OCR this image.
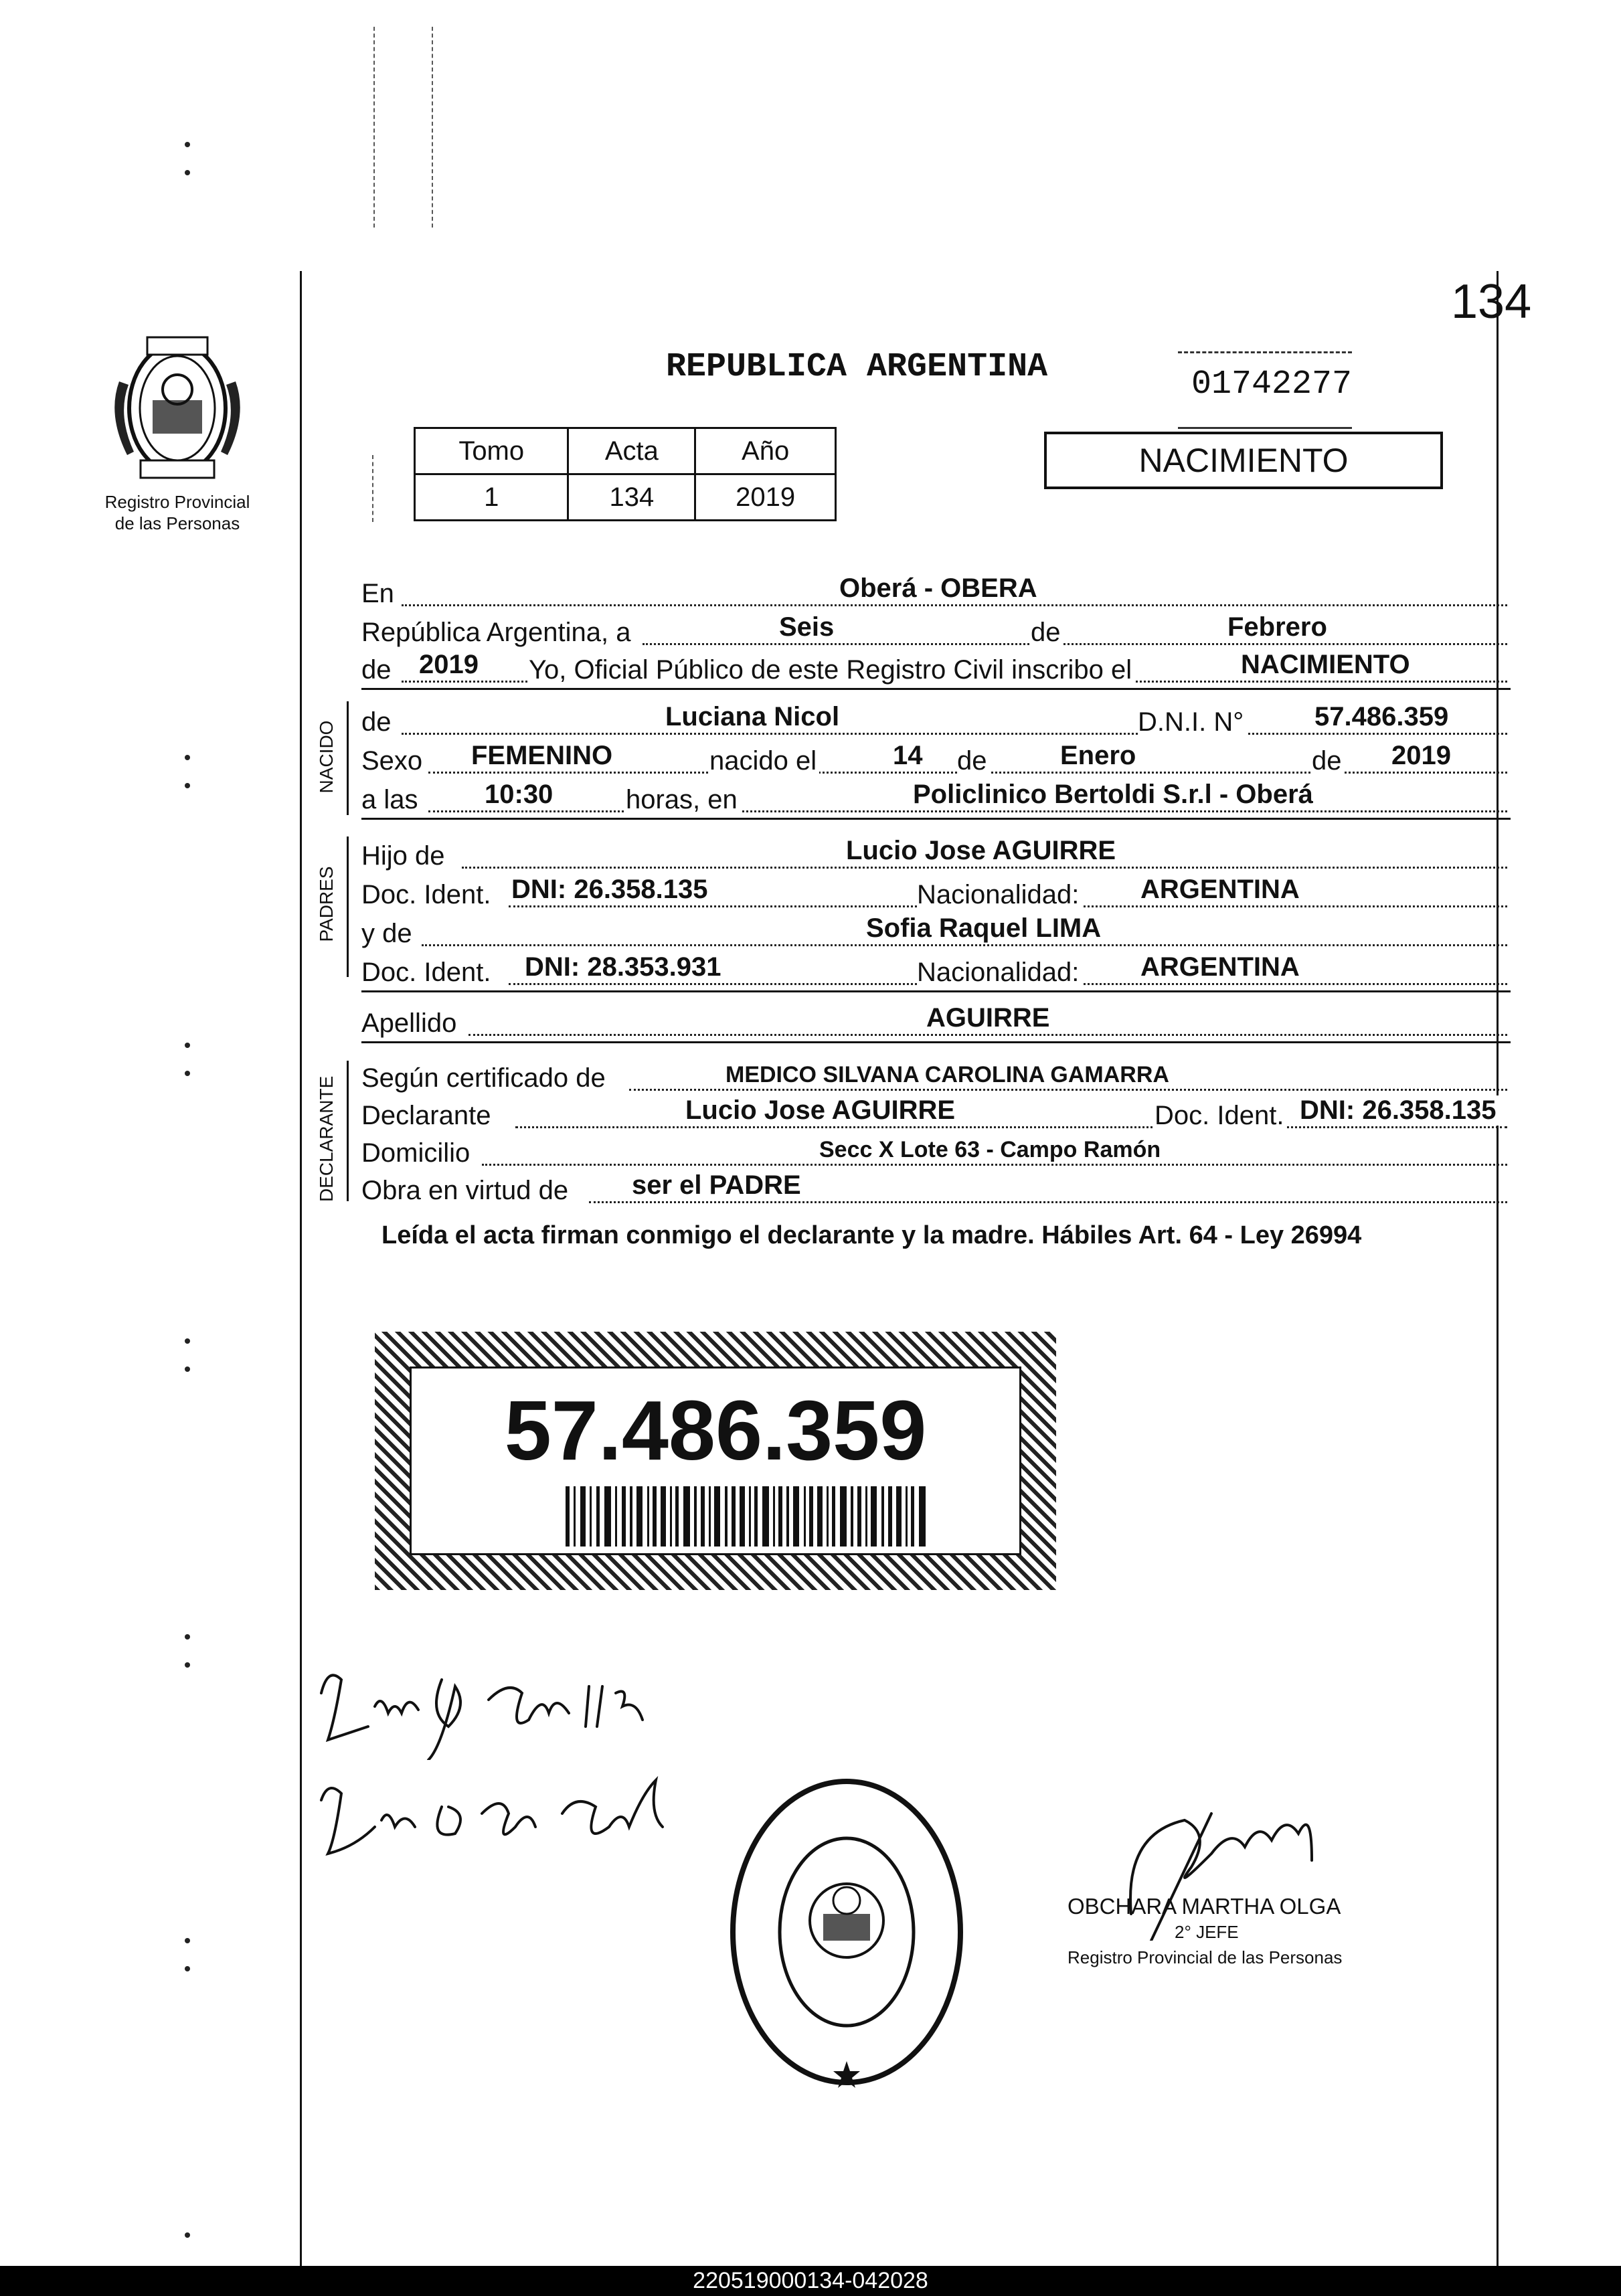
134
Registro Provincial
de las Personas
REPUBLICA ARGENTINA	01742277
Tomo	Acta	Año
1	134	2019
NACIMIENTO
En	Oberá - OBERA
República Argentina, a	Seis	de	Febrero
de 2019 Yo, Oficial Público de este Registro Civil inscribo el	NACIMIENTO
NACIDO de	Luciana Nicol	D.N.I. N°	57.486.359
Sexo FEMENINO	nacido el	14 de	Enero	de 2019
a las 10:30	horas, en	Policlinico Bertoldi S.r.l - Oberá
PADRES
Hijo de	Lucio Jose AGUIRRE
Doc. Ident. DNI: 26.358.135	Nacionalidad: ARGENTINA
y de	Sofia Raquel LIMA
Doc. Ident. DNI: 28.353.931	Nacionalidad: ARGENTINA
Apellido	AGUIRRE
DECLARANTE Según certificado de	MEDICO SILVANA CAROLINA GAMARRA
Declarante	Lucio Jose AGUIRRE	Doc. Ident. DNI: 26.358.135
Domicilio	Secc X Lote 63 - Campo Ramón
Obra en virtud de ser el PADRE
Leída el acta firman conmigo el declarante y la madre. Hábiles Art. 64 - Ley 26994
57.486.359
OBCHARA MARTHA OLGA
2° JEFE
Registro Provincial de las Personas
220519000134-042028
